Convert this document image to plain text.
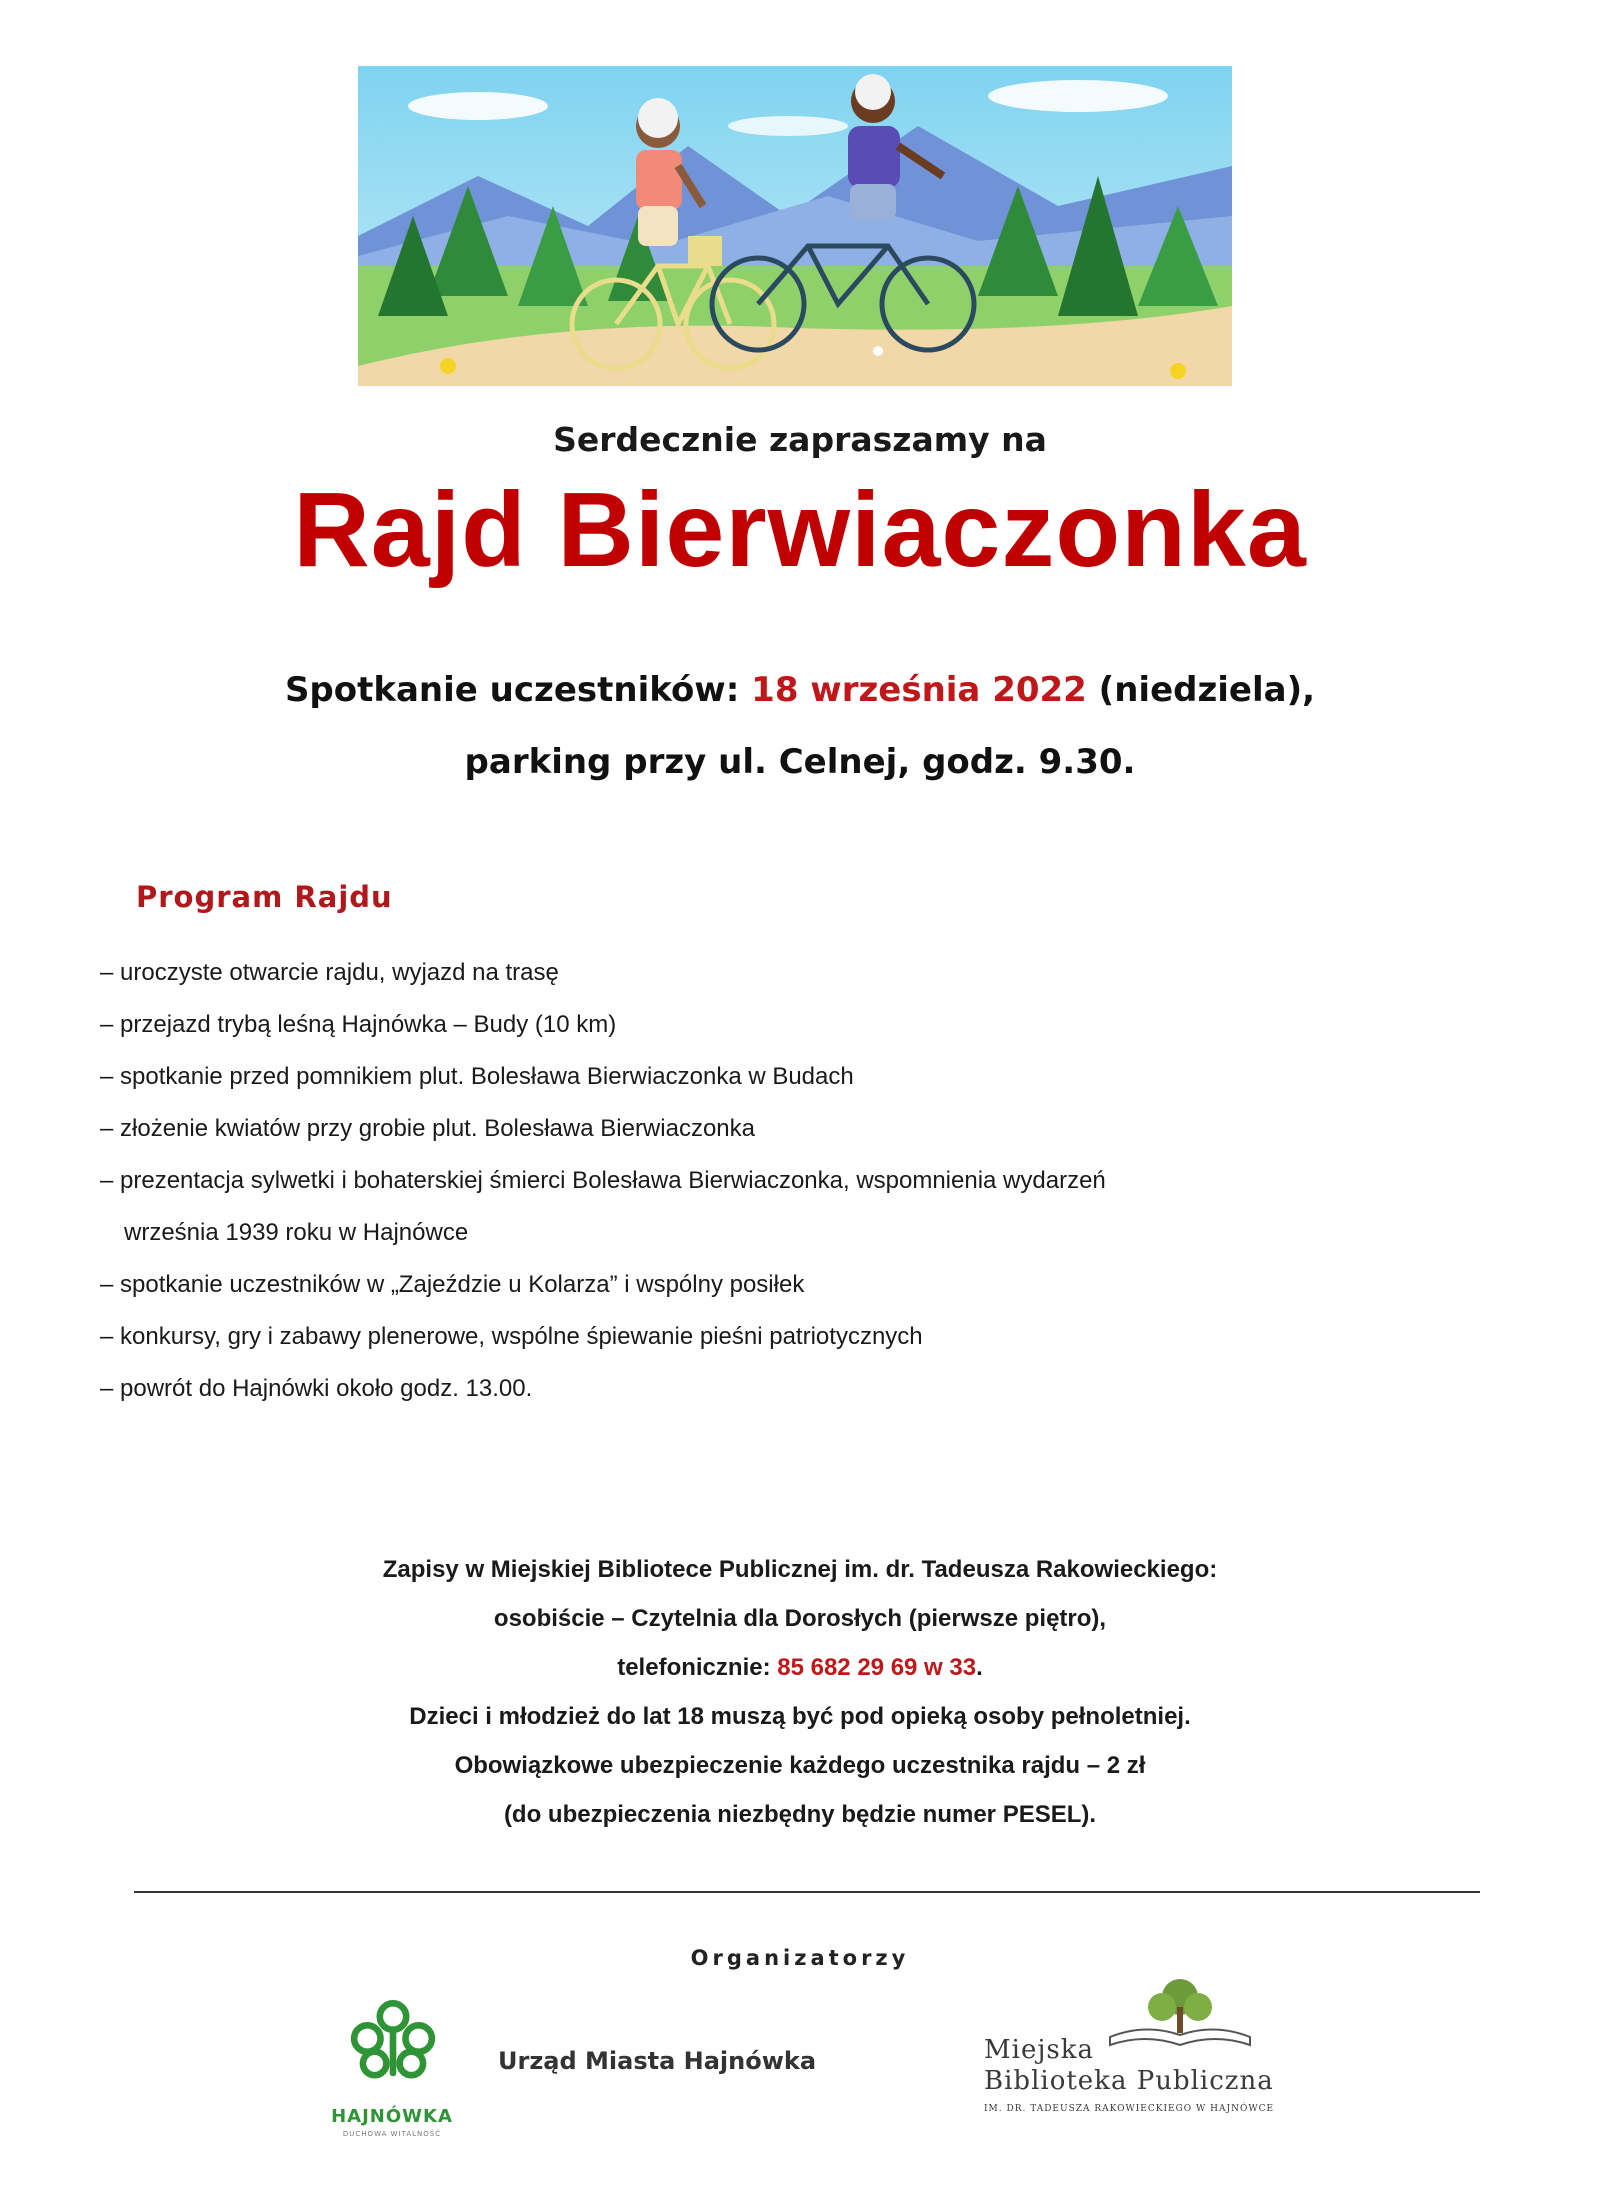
Serdecznie zapraszamy na
Rajd Bierwiaczonka
Spotkanie uczestników: 18 września 2022 (niedziela),
parking przy ul. Celnej, godz. 9.30.
Program Rajdu
– uroczyste otwarcie rajdu, wyjazd na trasę
– przejazd trybą leśną Hajnówka – Budy (10 km)
– spotkanie przed pomnikiem plut. Bolesława Bierwiaczonka w Budach
– złożenie kwiatów przy grobie plut. Bolesława Bierwiaczonka
– prezentacja sylwetki i bohaterskiej śmierci Bolesława Bierwiaczonka, wspomnienia wydarzeń
września 1939 roku w Hajnówce
– spotkanie uczestników w „Zajeździe u Kolarza” i wspólny posiłek
– konkursy, gry i zabawy plenerowe, wspólne śpiewanie pieśni patriotycznych
– powrót do Hajnówki około godz. 13.00.
Zapisy w Miejskiej Bibliotece Publicznej im. dr. Tadeusza Rakowieckiego:
osobiście – Czytelnia dla Dorosłych (pierwsze piętro),
telefonicznie: 85 682 29 69 w 33.
Dzieci i młodzież do lat 18 muszą być pod opieką osoby pełnoletniej.
Obowiązkowe ubezpieczenie każdego uczestnika rajdu – 2 zł
(do ubezpieczenia niezbędny będzie numer PESEL).
Organizatorzy
HAJNÓWKA
DUCHOWA WITALNOŚĆ
Urząd Miasta Hajnówka	Miejska
Biblioteka Publiczna
IM. DR. TADEUSZA RAKOWIECKIEGO W HAJNÓWCE
